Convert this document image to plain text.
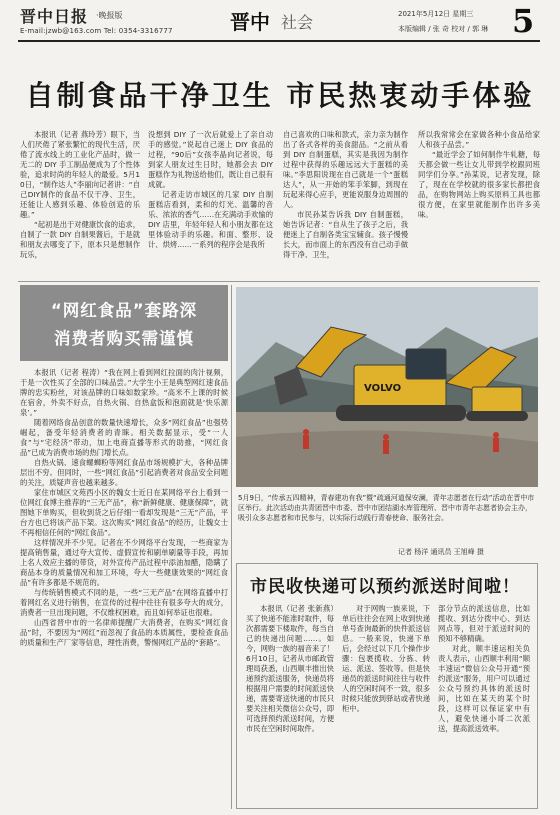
晋中日报 ·晚报版
E-mail:jzwb@163.com Tel: 0354-3316777	晋中 社会	2021年5月12日 星期三
本版编辑 / 张 奇 校对 / 郭 琳 5
自制食品干净卫生 市民热衷动手体验

本报讯（记者 燕玲芳）眼下，当人们厌倦了紧张繁忙的现代生活，厌倦了流水线上的工业化产品时，做一无二的 DIY 手工制品便成为了个性体验，追求时尚的年轻人的最爱。5月10日，“制作达人”李丽向记者讲：“自己DIY制作的食品不仅干净、卫生，还能让人感到乐趣、体验创造的乐趣。”

“起初是出于对健康饮食的追求，自制了一款 DIY 自制果酱后，于是就和朋友去哪变了下，原本只是想制作玩乐，

没想到 DIY 了一次后就爱上了亲自动手的感觉。”说起自己迷上 DIY 食品的过程，“90后”女孩李晶向记者说，每到家人朋友过生日时，她都会去 DIY 蛋糕作为礼物送给他们，既让自己很有成就。

记者走访市城区的几家 DIY 自制蛋糕店看到，柔和的灯光、温馨的音乐、浓浓的香气……在充满动手欢愉的 DIY 店里，年轻年轻人和小朋友都在这里体验动手的乐趣。和面、整形、设计、烘烤……一系列的程序会是我所

自己喜欢的口味和款式，亲力亲为制作出了各式各样的美食甜品。“之前从看到 DIY 自制蛋糕，其实是我因为制作过程中获得的乐趣远远大于蛋糕的美味。”李思阳说现在自己就是一个“蛋糕达人”，从一开始的笨手笨脚，到现在玩起来得心应手，更能说服身边周围的人。

市民孙某告诉我 DIY 自制蛋糕，她告诉记者：“自从生了孩子之后，我便迷上了自制各类宝宝辅食。孩子慢慢长大，而市面上的东西没有自己动手做得干净、卫生，

所以我常常会在家做各种小食品给家人和孩子品尝。”

“最近学会了如何制作牛轧糖，每天都会做一些让女儿带到学校跟同班同学们分享。”孙某说，记者发现，除了，现在在学校就的很多家长都把食品，在购物网站上购买原料工具也都很方便，在家里就能制作出许多美味。

“网红食品”套路深
消费者购买需谨慎

本报讯（记者 程涛）“我在网上看到网红拉面的肉汁视频，于是一次性买了全部的口味品尝。”大学生小王是典型网红速食品牌的忠实粉丝，对该品牌的口味如数家珍。“高米不上课的时候在宿舍，外卖不好点，自热火锅、自热盒饭和泡面就是‘快乐源泉’。”

随着网络食品创意的数量快速增长，众多“网红食品”也强势崛起，备受年轻消费者的青睐。相关数据显示，受“一人食”与“宅经济”带动，加上电商直播等形式的助推，“网红食品”已成为消费市场的热门增长点。

自热火锅、速食螺蛳粉等网红食品市场规模扩大，各种品牌层出不穷。但同时，一些“网红食品”引起消费者对食品安全问题的关注，质疑声音也越来越多。

家住市城区文苑西小区的魏女士近日在某网络平台上看到一位网红食博主推荐的“三无产品”，称“新鲜健康、健康保障”，就图她下单购买，但收到货之后仔细一看却发现是“三无”产品，平台方也已将该产品下架。这次购买“网红食品”的经历，让魏女士不再相信任何的“网红食品”。

这样情况并不少见。记者在不少网络平台发现，一些商家为提高销售量，通过夸大宣传、虚假宣传和刷单刷量等手段，再加上名人效应主播的带货，对外宣传产品过程中添油加醋，隐瞒了商品本身的质量情况和加工环境，夸大一些健康效果的“网红食品”有许多都是不规范的。

与传统销售模式不同的是，一些“三无产品”在网络直播中打着网红名义进行销售，在宣传的过程中往往有很多夸大的成分，消费者一旦出现问题，不仅维权困难，而且如何举证也很难。

山西省晋中市的一名律师提醒广大消费者，在购买“网红食品”时，不要因为“网红”而忽视了食品的本质属性，要检查食品的质量和生产厂家等信息，理性消费，警惕网红产品的“套路”。

VOLVO
5月9日，“传承五四精神，青春建功有我”暨“疏通河道保安澜，青年志愿者在行动”活动在晋中市区举行。此次活动由共青团晋中市委、晋中市团结湖水库管理所、晋中市青年志愿者协会主办，吸引众多志愿者和市民参与，以实际行动践行青春使命、服务社会。
记者 杨洋 通讯员 王旭峰 摄
市民收快递可以预约派送时间啦！

本报讯（记者 张新燕）买了快递不能准时取件，每次都需要下楼取件，每当自己的快递出问题……。如今，网购一族的福音来了！6月10日，记者从市邮政管理局获悉，山西顺丰推出快递预约派送服务，快递员将根据用户需要的时间派送快递，需要寄送快递的市民只要关注相关微信公众号，即可选择预约派送时间，方便市民在空闲时间取件。

对于网购一族来说，下单后往往会在网上收到快递单号查询最新的快件派送信息。一般来说，快递下单后，会经过以下几个操作步骤：包裹揽收、分拣、转运、派送、签收等。但是快递员的派送时间往往与收件人的空闲时间不一致，很多时候只能放到驿站或者快递柜中。

部分节点的派送信息，比如揽收、到达分拨中心、到达网点等，但对于派送时间的预知不够精确。

对此，顺丰速运相关负责人表示，山西顺丰利用“顺丰速运”微信公众号开通“预约派送”服务，用户可以通过公众号预约具体的派送时间，比如在某天的某个时段，这样可以保证家中有人，避免快递小哥二次派送，提高派送效率。
